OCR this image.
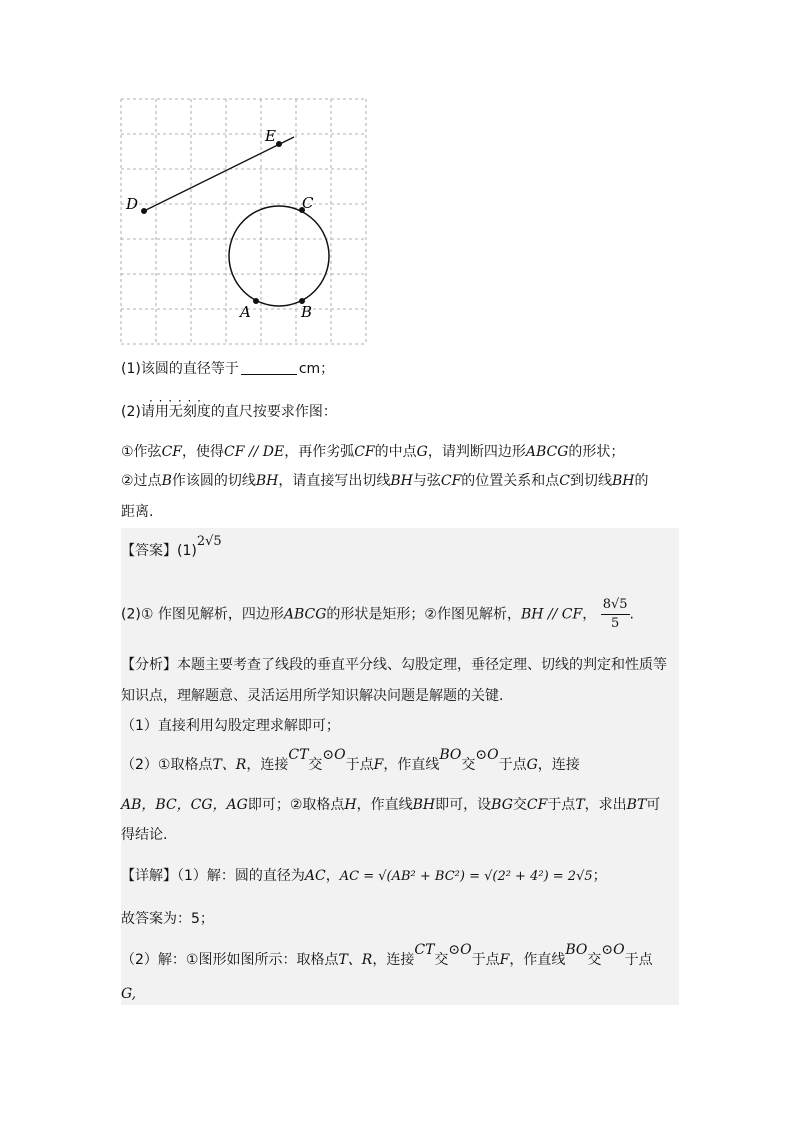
E
D	C
A	B
(1)该圆的直径等于	cm；
· · · (2)请用无刻度的直尺按要求作图：
①作弦CF，使得CF // DE，再作劣弧CF的中点G，请判断四边形ABCG的形状；
②过点B作该圆的切线BH，请直接写出切线BH与弦CF的位置关系和点C到切线BH的
距离.
【答案】(1)2√5
(2)① 作图见解析，四边形ABCG的形状是矩形；②作图见解析，BH // CF， $\frac{8√5}{5}$ .
【分析】本题主要考查了线段的垂直平分线、勾股定理，垂径定理、切线的判定和性质等
知识点，理解题意、灵活运用所学知识解决问题是解题的关键.
（1）直接利用勾股定理求解即可；
（2）①取格点T、R，连接CT交⊙O于点F，作直线BO交⊙O于点G，连接
AB，BC，CG，AG即可；②取格点H，作直线BH即可，设BG交CF于点T，求出BT可
得结论.
【详解】（1）解：圆的直径为AC，AC = √(AB² + BC²) = √(2² + 4²) = 2√5；
故答案为：5；
（2）解：①图形如图所示：取格点T、R，连接CT交⊙O于点F，作直线BO交⊙O于点
G,
